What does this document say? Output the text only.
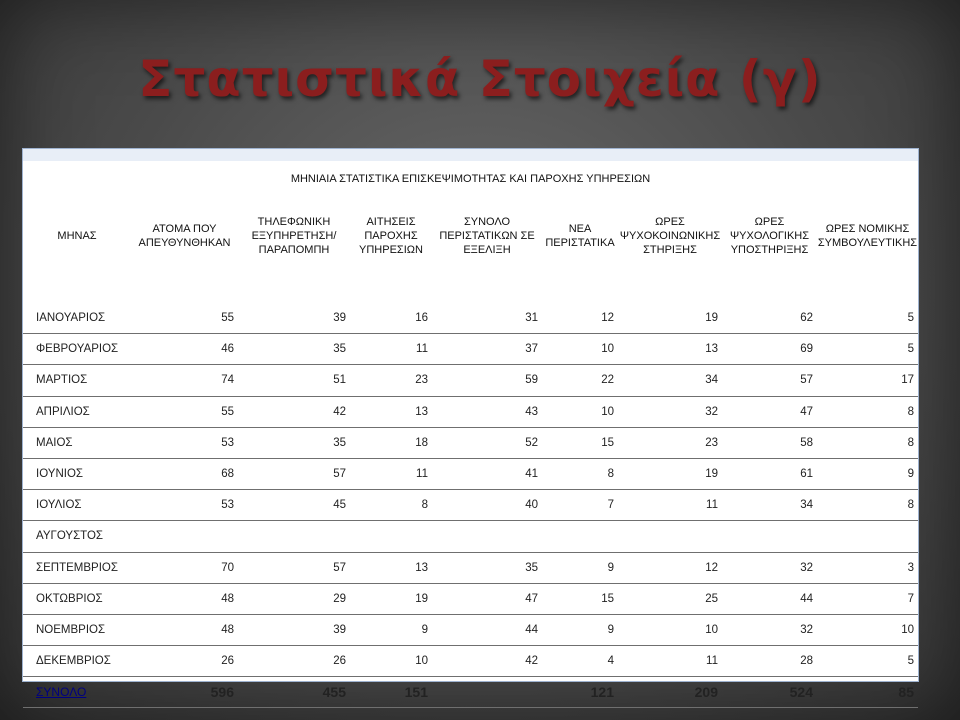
Στατιστικά Στοιχεία (γ)
ΜΗΝΙΑΙΑ ΣΤΑΤΙΣΤΙΚΑ ΕΠΙΣΚΕΨΙΜΟΤΗΤΑΣ ΚΑΙ ΠΑΡΟΧΗΣ ΥΠΗΡΕΣΙΩΝ
ΜΗΝΑΣ	ΑΤΟΜΑ ΠΟΥ ΑΠΕΥΘΥΝΘΗΚΑΝ	ΤΗΛΕΦΩΝΙΚΗ ΕΞΥΠΗΡΕΤΗΣΗ/ ΠΑΡΑΠΟΜΠΗ	ΑΙΤΗΣΕΙΣ ΠΑΡΟΧΗΣ ΥΠΗΡΕΣΙΩΝ	ΣΥΝΟΛΟ ΠΕΡΙΣΤΑΤΙΚΩΝ ΣΕ ΕΞΕΛΙΞΗ	ΝΕΑ ΠΕΡΙΣΤΑΤΙΚΑ	ΩΡΕΣ ΨΥΧΟΚΟΙΝΩΝΙΚΗΣ ΣΤΗΡΙΞΗΣ	ΩΡΕΣ ΨΥΧΟΛΟΓΙΚΗΣ ΥΠΟΣΤΗΡΙΞΗΣ	ΩΡΕΣ ΝΟΜΙΚΗΣ ΣΥΜΒΟΥΛΕΥΤΙΚΗΣ

ΙΑΝΟΥΑΡΙΟΣ	55	39	16	31	12	19	62	5
ΦΕΒΡΟΥΑΡΙΟΣ	46	35	11	37	10	13	69	5
ΜΑΡΤΙΟΣ	74	51	23	59	22	34	57	17
ΑΠΡΙΛΙΟΣ	55	42	13	43	10	32	47	8
ΜΑΙΟΣ	53	35	18	52	15	23	58	8
ΙΟΥΝΙΟΣ	68	57	11	41	8	19	61	9
ΙΟΥΛΙΟΣ	53	45	8	40	7	11	34	8
ΑΥΓΟΥΣΤΟΣ								
ΣΕΠΤΕΜΒΡΙΟΣ	70	57	13	35	9	12	32	3
ΟΚΤΩΒΡΙΟΣ	48	29	19	47	15	25	44	7
ΝΟΕΜΒΡΙΟΣ	48	39	9	44	9	10	32	10
ΔΕΚΕΜΒΡΙΟΣ	26	26	10	42	4	11	28	5
ΣΥΝΟΛΟ	596	455	151		121	209	524	85
